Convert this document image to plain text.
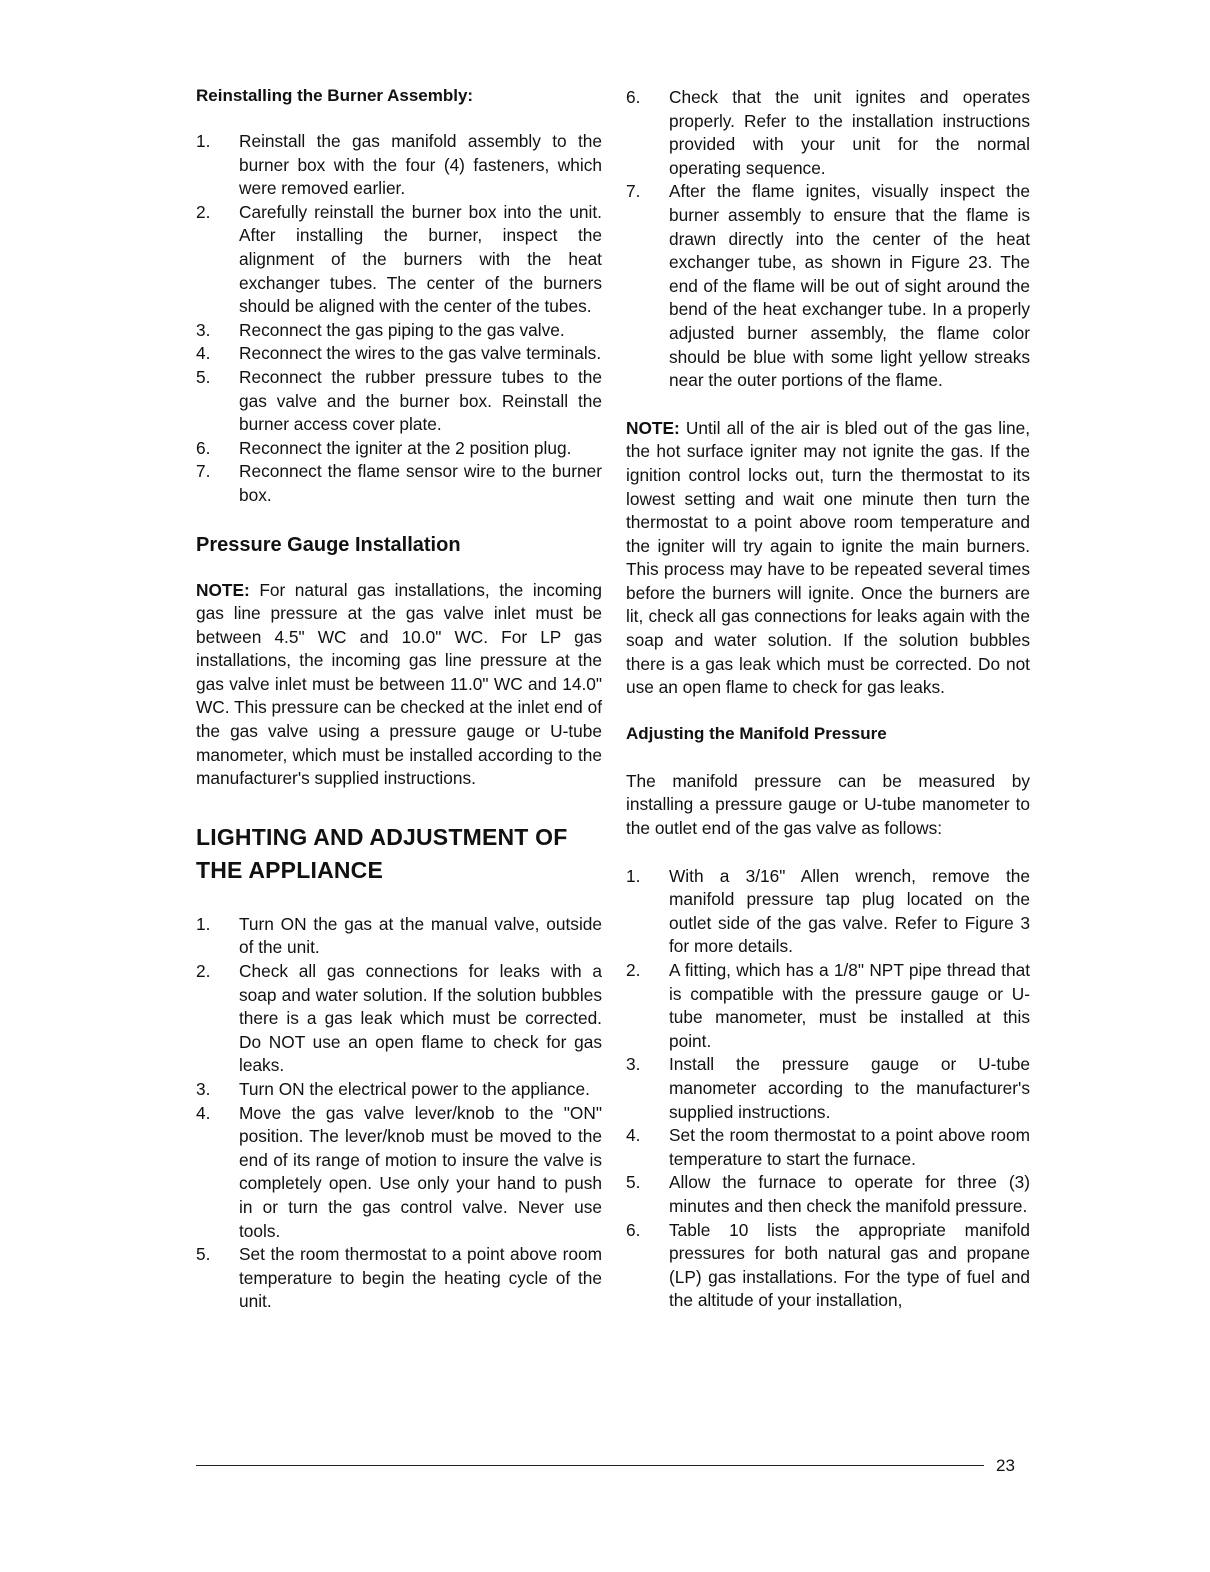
Reinstalling the Burner Assembly:
1.	Reinstall the gas manifold assembly to the burner box with the four (4) fasteners, which were removed earlier.
2.	Carefully reinstall the burner box into the unit. After installing the burner, inspect the alignment of the burners with the heat exchanger tubes. The center of the burners should be aligned with the center of the tubes.
3.	Reconnect the gas piping to the gas valve.
4.	Reconnect the wires to the gas valve terminals.
5.	Reconnect the rubber pressure tubes to the gas valve and the burner box. Reinstall the burner access cover plate.
6.	Reconnect the igniter at the 2 position plug.
7.	Reconnect the flame sensor wire to the burner box.
Pressure Gauge Installation

NOTE: For natural gas installations, the incoming gas line pressure at the gas valve inlet must be between 4.5" WC and 10.0" WC. For LP gas installations, the incoming gas line pressure at the gas valve inlet must be between 11.0" WC and 14.0" WC. This pressure can be checked at the inlet end of the gas valve using a pressure gauge or U-tube manometer, which must be installed according to the manufacturer's supplied instructions.

LIGHTING AND ADJUSTMENT OF
THE APPLIANCE
1.	Turn ON the gas at the manual valve, outside of the unit.
2.	Check all gas connections for leaks with a soap and water solution. If the solution bubbles there is a gas leak which must be corrected. Do NOT use an open flame to check for gas leaks.
3.	Turn ON the electrical power to the appliance.
4.	Move the gas valve lever/knob to the "ON" position. The lever/knob must be moved to the end of its range of motion to insure the valve is completely open. Use only your hand to push in or turn the gas control valve. Never use tools.
5.	Set the room thermostat to a point above room temperature to begin the heating cycle of the unit.
6.	Check that the unit ignites and operates properly. Refer to the installation instructions provided with your unit for the normal operating sequence.
7.	After the flame ignites, visually inspect the burner assembly to ensure that the flame is drawn directly into the center of the heat exchanger tube, as shown in Figure 23. The end of the flame will be out of sight around the bend of the heat exchanger tube. In a properly adjusted burner assembly, the flame color should be blue with some light yellow streaks near the outer portions of the flame.

NOTE: Until all of the air is bled out of the gas line, the hot surface igniter may not ignite the gas. If the ignition control locks out, turn the thermostat to its lowest setting and wait one minute then turn the thermostat to a point above room temperature and the igniter will try again to ignite the main burners. This process may have to be repeated several times before the burners will ignite. Once the burners are lit, check all gas connections for leaks again with the soap and water solution. If the solution bubbles there is a gas leak which must be corrected. Do not use an open flame to check for gas leaks.

Adjusting the Manifold Pressure

The manifold pressure can be measured by installing a pressure gauge or U-tube manometer to the outlet end of the gas valve as follows:

1.	With a 3/16" Allen wrench, remove the manifold pressure tap plug located on the outlet side of the gas valve. Refer to Figure 3 for more details.
2.	A fitting, which has a 1/8" NPT pipe thread that is compatible with the pressure gauge or U-tube manometer, must be installed at this point.
3.	Install the pressure gauge or U-tube manometer according to the manufacturer's supplied instructions.
4.	Set the room thermostat to a point above room temperature to start the furnace.
5.	Allow the furnace to operate for three (3) minutes and then check the manifold pressure.
6.	Table 10 lists the appropriate manifold pressures for both natural gas and propane (LP) gas installations. For the type of fuel and the altitude of your installation,
23
